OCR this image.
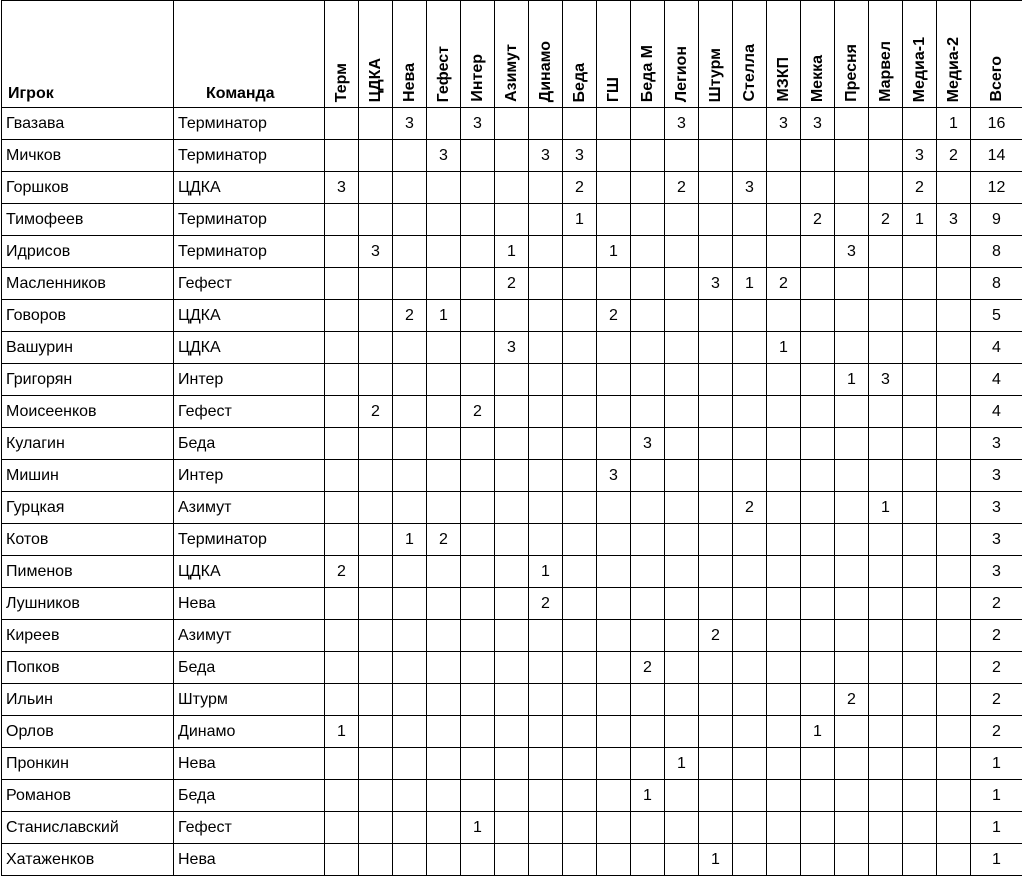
Игрок	Команда	Терм	ЦДКА	Нева	Гефест	Интер	Азимут	Динамо	Беда	ГШ	Беда М	Легион	Штурм	Стелла	МЗКП	Мекка	Пресня	Марвел	Медиа-1	Медиа-2	Всего

Гвазава	Терминатор			3		3						3			3	3				1	16
Мичков	Терминатор				3			3	3										3	2	14
Горшков	ЦДКА	3							2			2		3					2		12
Тимофеев	Терминатор								1							2		2	1	3	9
Идрисов	Терминатор		3				1			1							3				8
Масленников	Гефест						2						3	1	2						8
Говоров	ЦДКА			2	1					2											5
Вашурин	ЦДКА						3								1						4
Григорян	Интер																1	3			4
Моисеенков	Гефест		2			2															4
Кулагин	Беда										3										3
Мишин	Интер									3											3
Гурцкая	Азимут													2				1			3
Котов	Терминатор			1	2																3
Пименов	ЦДКА	2						1													3
Лушников	Нева							2													2
Киреев	Азимут												2								2
Попков	Беда										2										2
Ильин	Штурм																2				2
Орлов	Динамо	1														1					2
Пронкин	Нева											1									1
Романов	Беда										1										1
Станиславский	Гефест					1															1
Хатаженков	Нева												1								1
